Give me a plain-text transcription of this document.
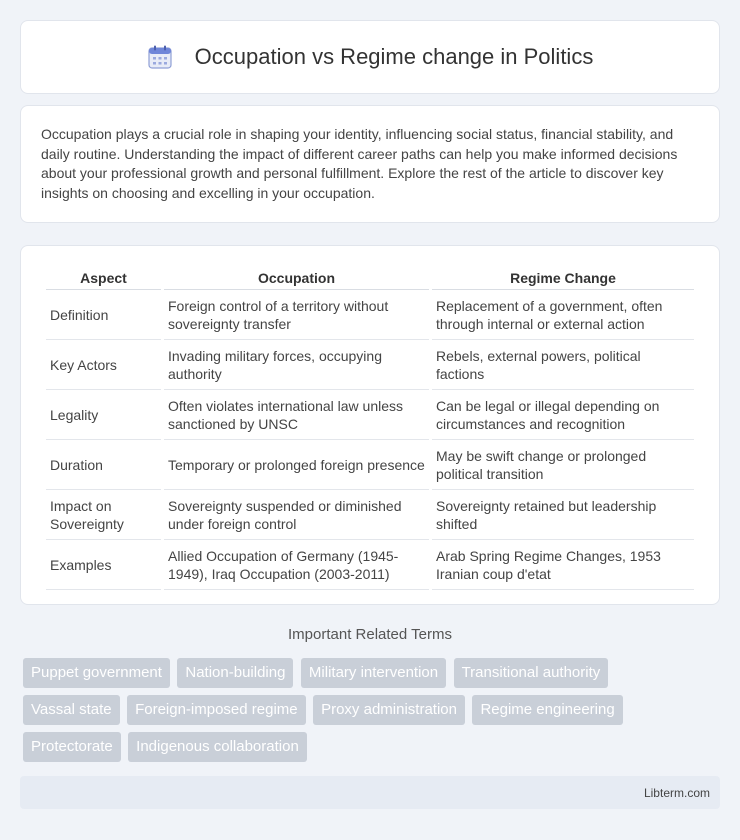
Occupation vs Regime change in Politics

Occupation plays a crucial role in shaping your identity, influencing social status, financial stability, and daily routine. Understanding the impact of different career paths can help you make informed decisions about your professional growth and personal fulfillment. Explore the rest of the article to discover key insights on choosing and excelling in your occupation.

Aspect	Occupation	Regime Change
Definition	Foreign control of a territory without sovereignty transfer	Replacement of a government, often through internal or external action
Key Actors	Invading military forces, occupying authority	Rebels, external powers, political factions
Legality	Often violates international law unless sanctioned by UNSC	Can be legal or illegal depending on circumstances and recognition
Duration	Temporary or prolonged foreign presence	May be swift change or prolonged political transition
Impact on Sovereignty	Sovereignty suspended or diminished under foreign control	Sovereignty retained but leadership shifted
Examples	Allied Occupation of Germany (1945-1949), Iraq Occupation (2003-2011)	Arab Spring Regime Changes, 1953 Iranian coup d'etat
Important Related Terms
Puppet government Nation-building Military intervention Transitional authority Vassal state Foreign-imposed regime Proxy administration Regime engineering Protectorate Indigenous collaboration
Libterm.com
